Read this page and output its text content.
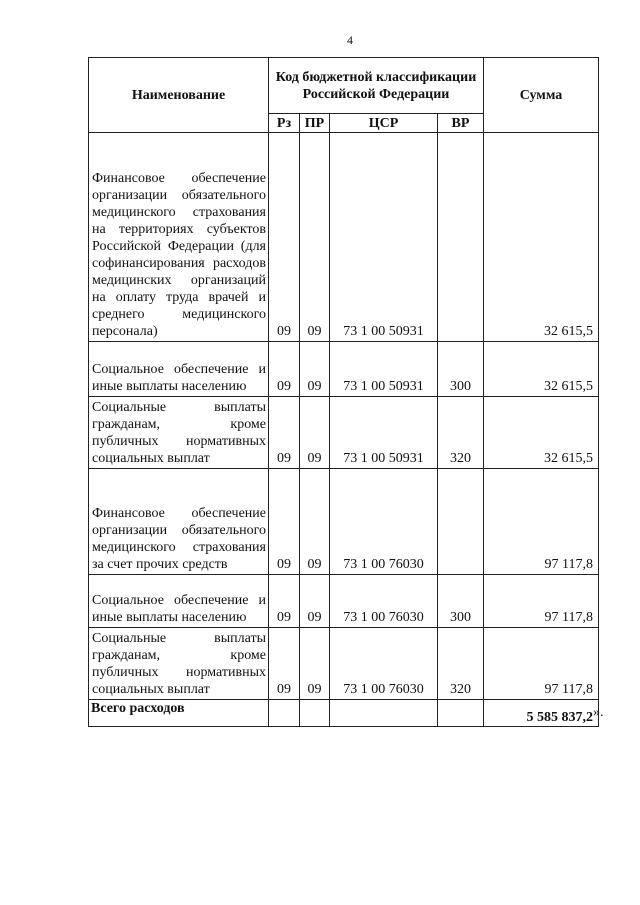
4
Наименование	Код бюджетной классификации Российской Федерации				Сумма
	Рз	ПР	ЦСР	ВР	
Финансовое обеспечение организации обязательного медицинского страхования на территориях субъектов Российской Федерации (для софинансирования расходов медицинских организаций на оплату труда врачей и среднего медицинского персонала)	09	09	73 1 00 50931		32 615,5
Социальное обеспечение и иные выплаты населению	09	09	73 1 00 50931	300	32 615,5
Социальные выплаты гражданам, кроме публичных нормативных социальных выплат	09	09	73 1 00 50931	320	32 615,5
Финансовое обеспечение организации обязательного медицинского страхования за счет прочих средств	09	09	73 1 00 76030		97 117,8
Социальное обеспечение и иные выплаты населению	09	09	73 1 00 76030	300	97 117,8
Социальные выплаты гражданам, кроме публичных нормативных социальных выплат	09	09	73 1 00 76030	320	97 117,8
Всего расходов					5 585 837,2 ».
